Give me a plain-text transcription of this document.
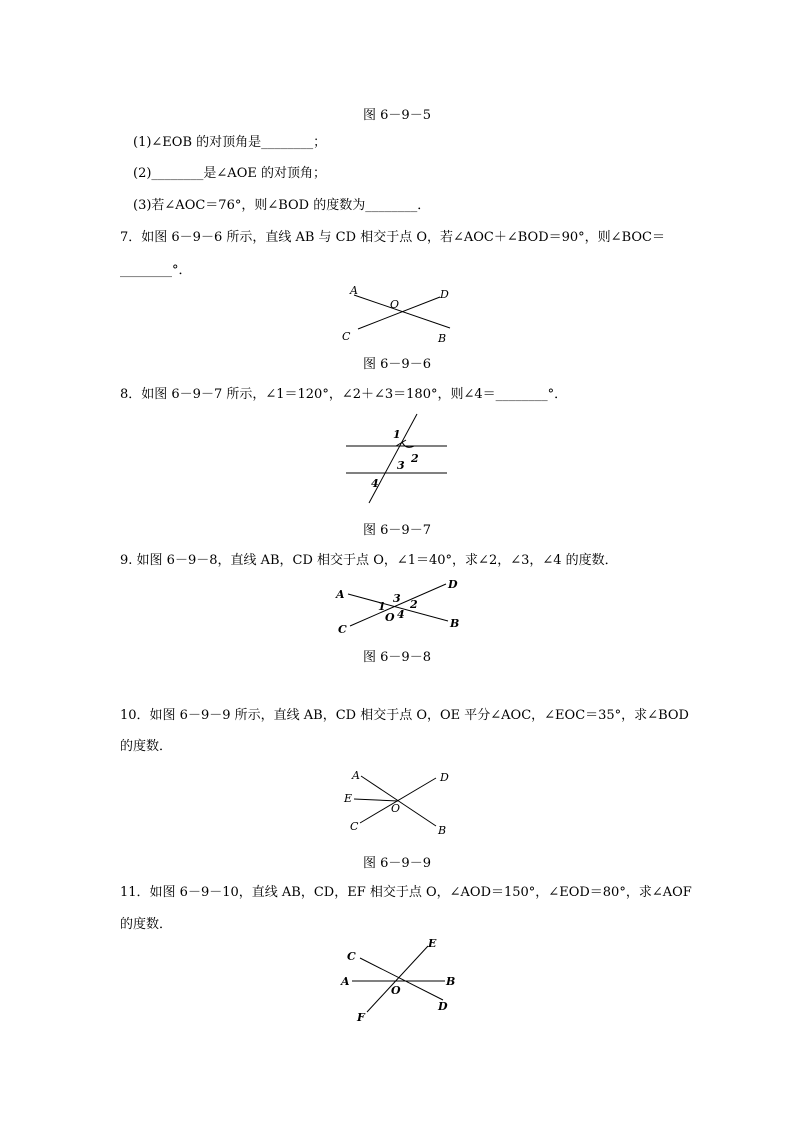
图 6－9－5
(1)∠EOB 的对顶角是________；
(2)________是∠AOE 的对顶角；
(3)若∠AOC＝76°，则∠BOD 的度数为________．
7．如图 6－9－6 所示，直线 AB 与 CD 相交于点 O，若∠AOC＋∠BOD＝90°，则∠BOC＝
________°．
A
O
D
C	B
图 6－9－6
8．如图 6－9－7 所示，∠1＝120°，∠2＋∠3＝180°，则∠4＝________°．
1
2
3
4
图 6－9－7
9. 如图 6－9－8，直线 AB，CD 相交于点 O，∠1＝40°，求∠2，∠3，∠4 的度数．
A
D
C	B
O
1
3 2
4
图 6－9－8
10．如图 6－9－9 所示，直线 AB，CD 相交于点 O，OE 平分∠AOC，∠EOC＝35°，求∠BOD
的度数．
A	D
E
O
C	B
图 6－9－9
11．如图 6－9－10，直线 AB，CD，EF 相交于点 O，∠AOD＝150°，∠EOD＝80°，求∠AOF
的度数．
C
E
A	B
O
D
F
